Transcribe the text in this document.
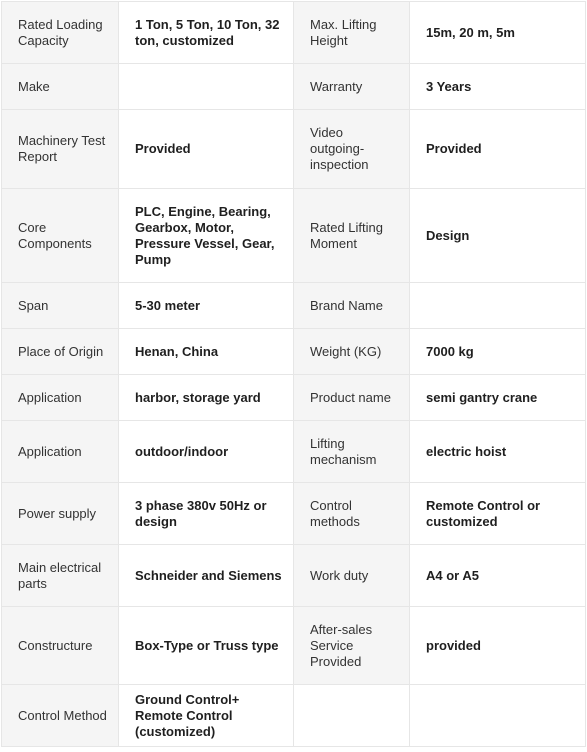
Rated Loading Capacity	1 Ton, 5 Ton, 10 Ton, 32 ton, customized	Max. Lifting Height	15m, 20 m, 5m
Make		Warranty	3 Years
Machinery Test Report	Provided	Video outgoing-inspection	Provided
Core Components	PLC, Engine, Bearing, Gearbox, Motor, Pressure Vessel, Gear, Pump	Rated Lifting Moment	Design
Span	5-30 meter	Brand Name	
Place of Origin	Henan, China	Weight (KG)	7000 kg
Application	harbor, storage yard	Product name	semi gantry crane
Application	outdoor/indoor	Lifting mechanism	electric hoist
Power supply	3 phase 380v 50Hz or design	Control methods	Remote Control or customized
Main electrical parts	Schneider and Siemens	Work duty	A4 or A5
Constructure	Box-Type or Truss type	After-sales Service Provided	provided
Control Method	Ground Control+ Remote Control (customized)		
